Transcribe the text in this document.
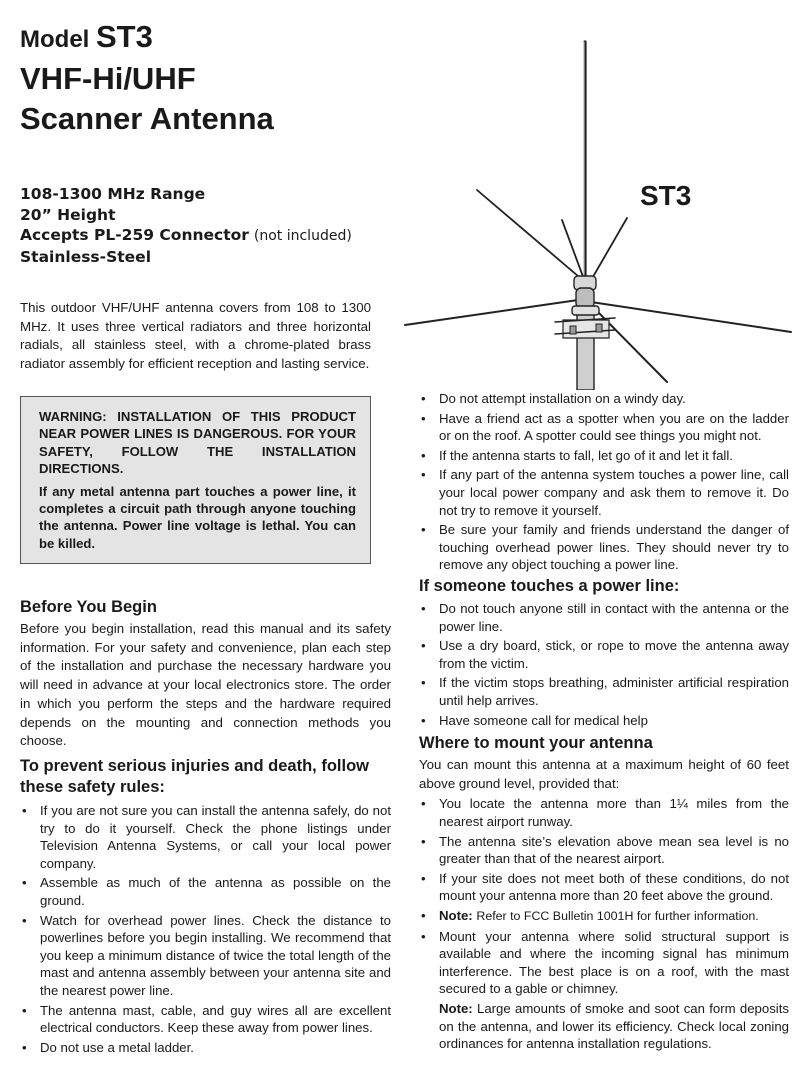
Model ST3
VHF-Hi/UHF
Scanner Antenna
108-1300 MHz Range
20” Height
Accepts PL-259 Connector (not included)
Stainless-Steel

This outdoor VHF/UHF antenna covers from 108 to 1300 MHz. It uses three vertical radiators and three horizontal radials, all stainless steel, with a chrome-plated brass radiator assembly for efficient reception and lasting service.

WARNING: INSTALLATION OF THIS PRODUCT NEAR POWER LINES IS DANGEROUS. FOR YOUR SAFETY, FOLLOW THE INSTALLATION DIRECTIONS.

If any metal antenna part touches a power line, it completes a circuit path through anyone touching the antenna. Power line voltage is lethal. You can be killed.

ST3
Before You Begin

Before you begin installation, read this manual and its safety information. For your safety and convenience, plan each step of the installation and purchase the necessary hardware you will need in advance at your local electronics store. The order in which you perform the steps and the hardware required depends on the mounting and connection methods you choose.

To prevent serious injuries and death, follow these safety rules:
• If you are not sure you can install the antenna safely, do not try to do it yourself. Check the phone listings under Television Antenna Systems, or call your local power company.
• Assemble as much of the antenna as possible on the ground.
• Watch for overhead power lines. Check the distance to powerlines before you begin installing. We recommend that you keep a minimum distance of twice the total length of the mast and antenna assembly between your antenna site and the nearest power line.
• The antenna mast, cable, and guy wires all are excellent electrical conductors. Keep these away from power lines.
• Do not use a metal ladder.
• Do not attempt installation on a windy day.
• Have a friend act as a spotter when you are on the ladder or on the roof. A spotter could see things you might not.
• If the antenna starts to fall, let go of it and let it fall.
• If any part of the antenna system touches a power line, call your local power company and ask them to remove it. Do not try to remove it yourself.
• Be sure your family and friends understand the danger of touching overhead power lines. They should never try to remove any object touching a power line.
If someone touches a power line:
• Do not touch anyone still in contact with the antenna or the power line.
• Use a dry board, stick, or rope to move the antenna away from the victim.
• If the victim stops breathing, administer artificial respiration until help arrives.
• Have someone call for medical help
Where to mount your antenna

You can mount this antenna at a maximum height of 60 feet above ground level, provided that:

• You locate the antenna more than 1¼ miles from the nearest airport runway.
• The antenna site’s elevation above mean sea level is no greater than that of the nearest airport.
• If your site does not meet both of these conditions, do not mount your antenna more than 20 feet above the ground.
• Note: Refer to FCC Bulletin 1001H for further information.
• Mount your antenna where solid structural support is available and where the incoming signal has minimum interference. The best place is on a roof, with the mast secured to a gable or chimney.

Note: Large amounts of smoke and soot can form deposits on the antenna, and lower its efficiency. Check local zoning ordinances for antenna installation regulations.
